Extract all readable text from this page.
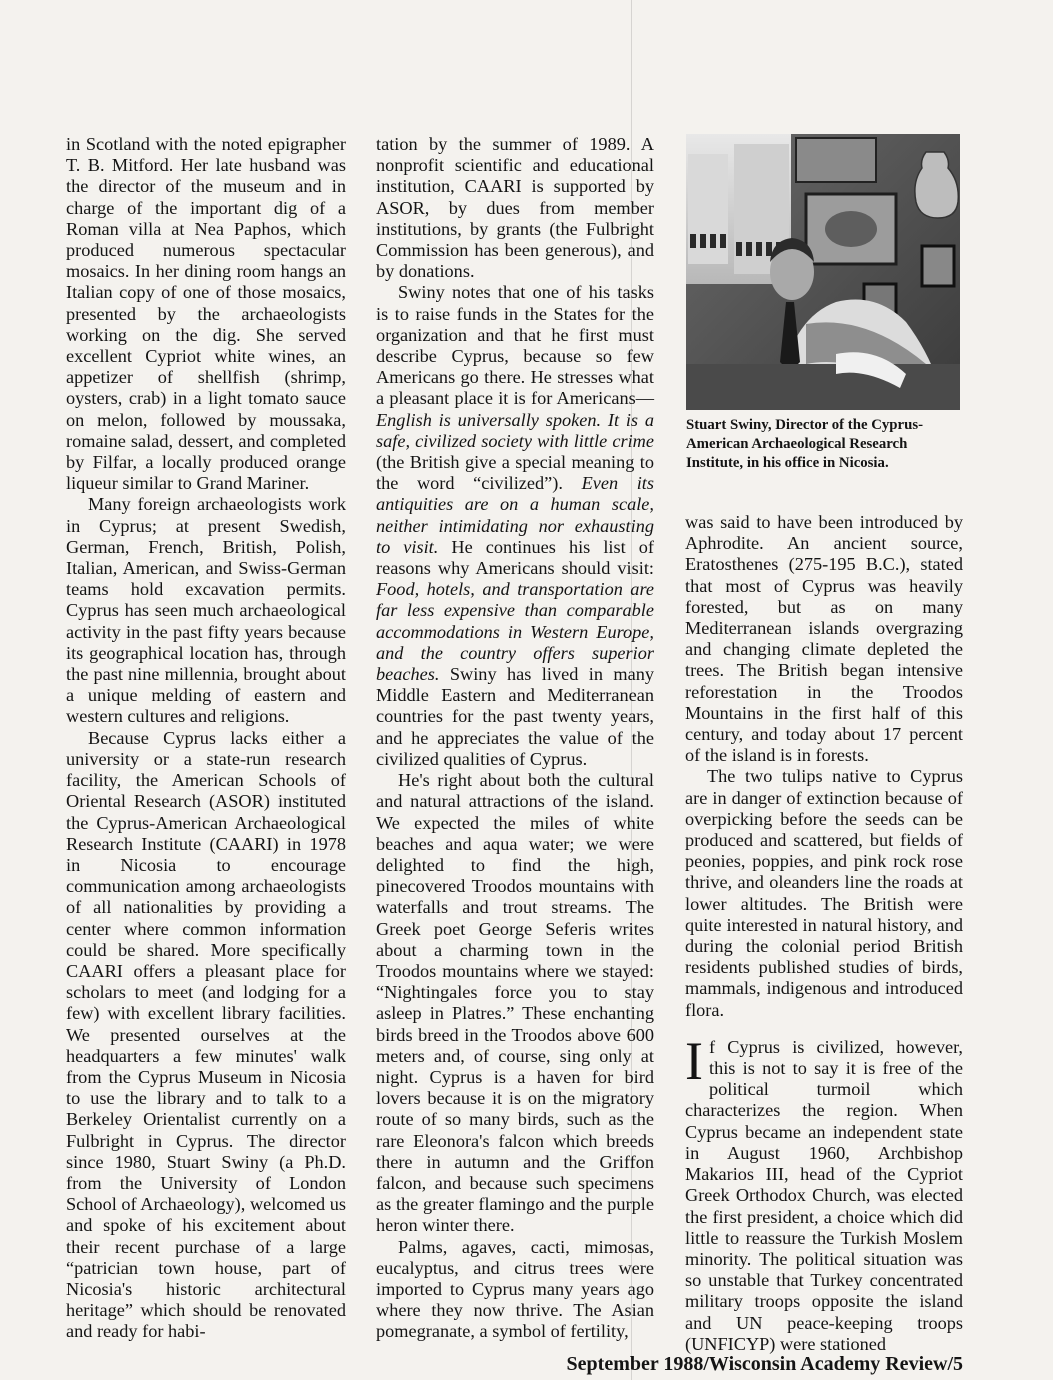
in Scotland with the noted epigrapher T. B. Mitford. Her late husband was the director of the museum and in charge of the important dig of a Roman villa at Nea Paphos, which produced numerous spectacular mosaics. In her dining room hangs an Italian copy of one of those mosaics, presented by the archaeologists working on the dig. She served excellent Cypriot white wines, an appetizer of shellfish (shrimp, oysters, crab) in a light tomato sauce on melon, followed by moussaka, romaine salad, dessert, and completed by Filfar, a locally produced orange liqueur similar to Grand Mariner.

Many foreign archaeologists work in Cyprus; at present Swedish, German, French, British, Polish, Italian, American, and Swiss-German teams hold excavation permits. Cyprus has seen much archaeological activity in the past fifty years because its geographical location has, through the past nine millennia, brought about a unique melding of eastern and western cultures and religions.

Because Cyprus lacks either a university or a state-run research facility, the American Schools of Oriental Research (ASOR) instituted the Cyprus-American Archaeological Research Institute (CAARI) in 1978 in Nicosia to encourage communication among archaeologists of all nationalities by providing a center where common information could be shared. More specifically CAARI offers a pleasant place for scholars to meet (and lodging for a few) with excellent library facilities. We presented ourselves at the headquarters a few minutes' walk from the Cyprus Museum in Nicosia to use the library and to talk to a Berkeley Orientalist currently on a Fulbright in Cyprus. The director since 1980, Stuart Swiny (a Ph.D. from the University of London School of Archaeology), welcomed us and spoke of his excitement about their recent purchase of a large “patrician town house, part of Nicosia's historic architectural heritage” which should be renovated and ready for habi-

tation by the summer of 1989. A nonprofit scientific and educational institution, CAARI is supported by ASOR, by dues from member institutions, by grants (the Fulbright Commission has been generous), and by donations.

Swiny notes that one of his tasks is to raise funds in the States for the organization and that he first must describe Cyprus, because so few Americans go there. He stresses what a pleasant place it is for Americans—English is universally spoken. It is a safe, civilized society with little crime (the British give a special meaning to the word “civilized”). Even its antiquities are on a human scale, neither intimidating nor exhausting to visit. He continues his list of reasons why Americans should visit: Food, hotels, and transportation are far less expensive than comparable accommodations in Western Europe, and the country offers superior beaches. Swiny has lived in many Middle Eastern and Mediterranean countries for the past twenty years, and he appreciates the value of the civilized qualities of Cyprus.

He's right about both the cultural and natural attractions of the island. We expected the miles of white beaches and aqua water; we were delighted to find the high, pinecovered Troodos mountains with waterfalls and trout streams. The Greek poet George Seferis writes about a charming town in the Troodos mountains where we stayed: “Nightingales force you to stay asleep in Platres.” These enchanting birds breed in the Troodos above 600 meters and, of course, sing only at night. Cyprus is a haven for bird lovers because it is on the migratory route of so many birds, such as the rare Eleonora's falcon which breeds there in autumn and the Griffon falcon, and because such specimens as the greater flamingo and the purple heron winter there.

Palms, agaves, cacti, mimosas, eucalyptus, and citrus trees were imported to Cyprus many years ago where they now thrive. The Asian pomegranate, a symbol of fertility,

Stuart Swiny, Director of the Cyprus-American Archaeological Research Institute, in his office in Nicosia.

was said to have been introduced by Aphrodite. An ancient source, Eratosthenes (275-195 B.C.), stated that most of Cyprus was heavily forested, but as on many Mediterranean islands overgrazing and changing climate depleted the trees. The British began intensive reforestation in the Troodos Mountains in the first half of this century, and today about 17 percent of the island is in forests.

The two tulips native to Cyprus are in danger of extinction because of overpicking before the seeds can be produced and scattered, but fields of peonies, poppies, and pink rock rose thrive, and oleanders line the roads at lower altitudes. The British were quite interested in natural history, and during the colonial period British residents published studies of birds, mammals, indigenous and introduced flora.

If Cyprus is civilized, however, this is not to say it is free of the political turmoil which characterizes the region. When Cyprus became an independent state in August 1960, Archbishop Makarios III, head of the Cypriot Greek Orthodox Church, was elected the first president, a choice which did little to reassure the Turkish Moslem minority. The political situation was so unstable that Turkey concentrated military troops opposite the island and UN peace-keeping troops (UNFICYP) were stationed

September 1988/Wisconsin Academy Review/5
